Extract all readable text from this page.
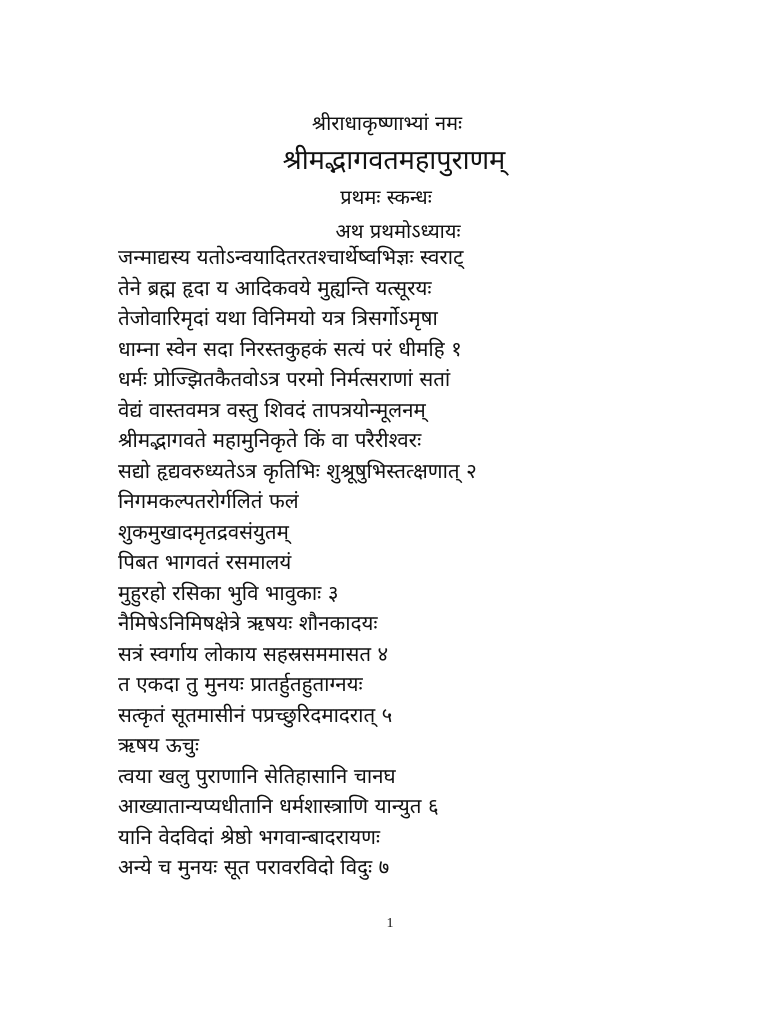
श्रीराधाकृष्णाभ्यां नमः
श्रीमद्भागवतमहापुराणम्
प्रथमः स्कन्धः
अथ प्रथमोऽध्यायः
जन्माद्यस्य यतोऽन्वयादितरतश्चार्थेष्वभिज्ञः स्वराट्
तेने ब्रह्म हृदा य आदिकवये मुह्यन्ति यत्सूरयः
तेजोवारिमृदां यथा विनिमयो यत्र त्रिसर्गोऽमृषा
धाम्ना स्वेन सदा निरस्तकुहकं सत्यं परं धीमहि १
धर्मः प्रोज्झितकैतवोऽत्र परमो निर्मत्सराणां सतां
वेद्यं वास्तवमत्र वस्तु शिवदं तापत्रयोन्मूलनम्
श्रीमद्भागवते महामुनिकृते किं वा परैरीश्वरः
सद्यो हृद्यवरुध्यतेऽत्र कृतिभिः शुश्रूषुभिस्तत्क्षणात् २
निगमकल्पतरोर्गलितं फलं
शुकमुखादमृतद्रवसंयुतम्
पिबत भागवतं रसमालयं
मुहुरहो रसिका भुवि भावुकाः ३
नैमिषेऽनिमिषक्षेत्रे ऋषयः शौनकादयः
सत्रं स्वर्गाय लोकाय सहस्रसममासत ४
त एकदा तु मुनयः प्रातर्हुतहुताग्नयः
सत्कृतं सूतमासीनं पप्रच्छुरिदमादरात् ५
ऋषय ऊचुः
त्वया खलु पुराणानि सेतिहासानि चानघ
आख्यातान्यप्यधीतानि धर्मशास्त्राणि यान्युत ६
यानि वेदविदां श्रेष्ठो भगवान्बादरायणः
अन्ये च मुनयः सूत परावरविदो विदुः ७
1
